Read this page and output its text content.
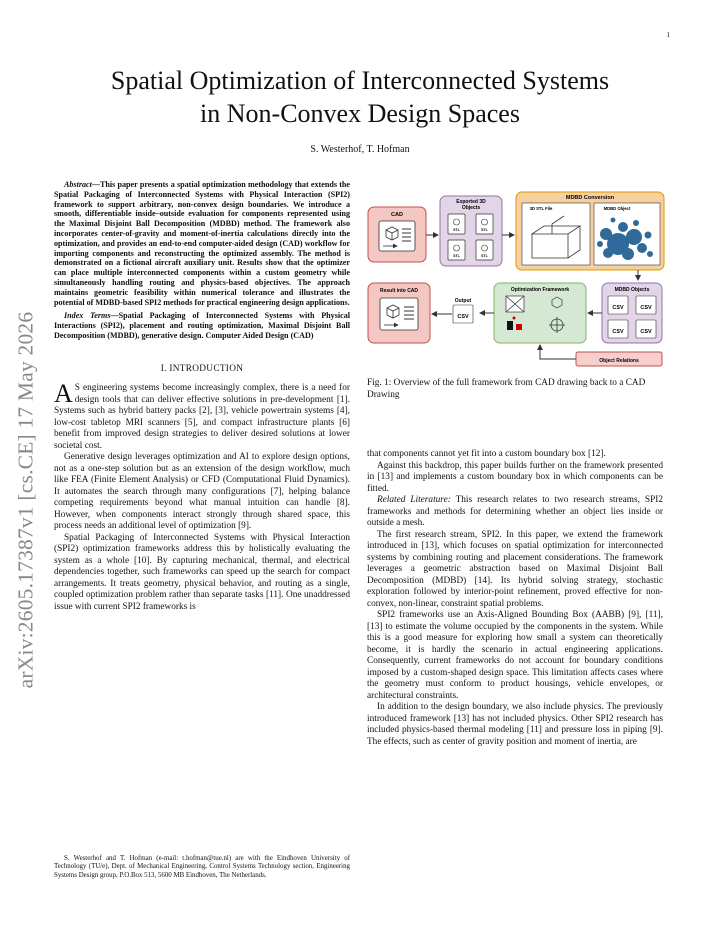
1
arXiv:2605.17387v1 [cs.CE] 17 May 2026
Spatial Optimization of Interconnected Systems
in Non-Convex Design Spaces
S. Westerhof, T. Hofman

Abstract—This paper presents a spatial optimization methodology that extends the Spatial Packaging of Interconnected Systems with Physical Interaction (SPI2) framework to support arbitrary, non-convex design boundaries. We introduce a smooth, differentiable inside–outside evaluation for components represented using the Maximal Disjoint Ball Decomposition (MDBD) method. The framework also incorporates center-of-gravity and moment-of-inertia calculations directly into the optimization, and provides an end-to-end computer-aided design (CAD) workflow for importing components and reconstructing the optimized assembly. The method is demonstrated on a fictional aircraft auxiliary unit. Results show that the optimizer can place multiple interconnected components within a custom geometry while simultaneously handling routing and physics-based objectives. The approach maintains geometric feasibility within numerical tolerance and illustrates the potential of MDBD-based SPI2 methods for practical engineering design applications.

Index Terms—Spatial Packaging of Interconnected Systems with Physical Interactions (SPI2), placement and routing optimization, Maximal Disjoint Ball Decomposition (MDBD), generative design. Computer Aided Design (CAD)

I. INTRODUCTION

A S engineering systems become increasingly complex, there is a need for design tools that can deliver effective solutions in pre-development [1]. Systems such as hybrid battery packs [2], [3], vehicle powertrain systems [4], low-cost tabletop MRI scanners [5], and compact infrastructure plants [6] benefit from improved design strategies to deliver desired solutions at lower societal cost.

Generative design leverages optimization and AI to explore design options, not as a one-step solution but as an extension of the design workflow, much like FEA (Finite Element Analysis) or CFD (Computational Fluid Dynamics). It automates the search through many configurations [7], helping balance competing requirements beyond what manual intuition can handle [8]. However, when components interact strongly through shared space, this process needs an additional level of optimization [9].

Spatial Packaging of Interconnected Systems with Physical Interaction (SPI2) optimization frameworks address this by holistically evaluating the system as a whole [10]. By capturing mechanical, thermal, and electrical dependencies together, such frameworks can speed up the search for compact arrangements. It treats geometry, physical behavior, and routing as a single, coupled optimization problem rather than separate tasks [11]. One unaddressed issue with current SPI2 frameworks is

S. Westerhof and T. Hofman (e-mail: t.hofman@tue.nl) are with the Eindhoven University of Technology (TU/e), Dept. of Mechanical Engineering, Control Systems Technology section, Engineering Systems Design group, P.O.Box 513, 5600 MB Eindhoven, The Netherlands.
CAD
Exported 3D
Objects
STL	STL
STL	STL
MDBD Conversion
3D STL File	MDBD Object
MDBD Objects
CSV	CSV
CSV	CSV
Optimization Framework
Output
CSV
Result into CAD
Object Relations
Fig. 1: Overview of the full framework from CAD drawing back to a CAD Drawing

that components cannot yet fit into a custom boundary box [12].

Against this backdrop, this paper builds further on the framework presented in [13] and implements a custom boundary box in which components can be fitted.

Related Literature: This research relates to two research streams, SPI2 frameworks and methods for determining whether an object lies inside or outside a mesh.

The first research stream, SPI2. In this paper, we extend the framework introduced in [13], which focuses on spatial optimization for interconnected systems by combining routing and placement considerations. The framework leverages a geometric abstraction based on Maximal Disjoint Ball Decomposition (MDBD) [14]. Its hybrid solving strategy, stochastic exploration followed by interior-point refinement, proved effective for non-convex, non-linear, constraint spatial problems.

SPI2 frameworks use an Axis-Aligned Bounding Box (AABB) [9], [11], [13] to estimate the volume occupied by the components in the system. While this is a good measure for exploring how small a system can theoretically become, it is hardly the scenario in actual engineering applications. Consequently, current frameworks do not account for boundary conditions imposed by a custom-shaped design space. This limitation affects cases where the geometry must conform to product housings, vehicle envelopes, or architectural constraints.

In addition to the design boundary, we also include physics. The previously introduced framework [13] has not included physics. Other SPI2 research has included physics-based thermal modeling [11] and pressure loss in piping [9]. The effects, such as center of gravity position and moment of inertia, are
